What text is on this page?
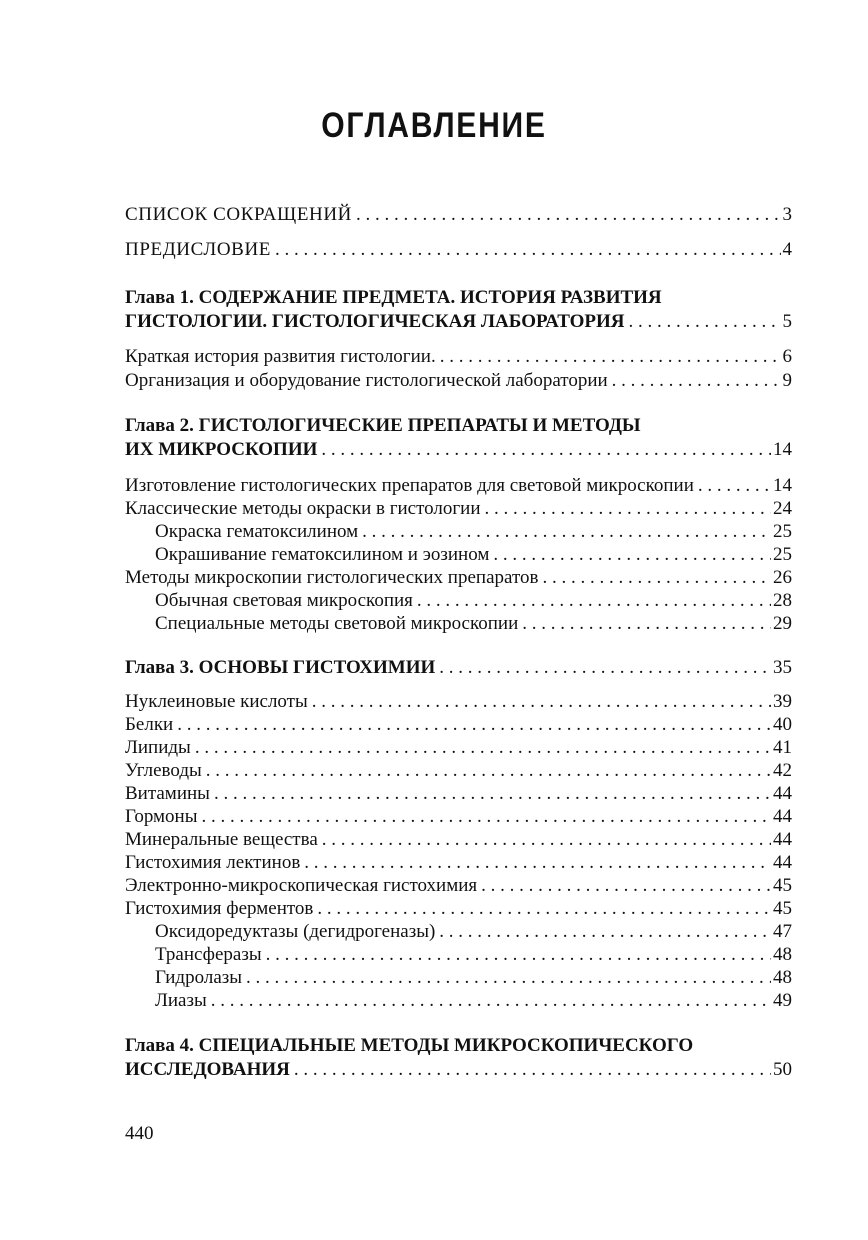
ОГЛАВЛЕНИЕ
СПИСОК СОКРАЩЕНИЙ . . .	3
ПРЕДИСЛОВИЕ . . .	4
Глава 1. СОДЕРЖАНИЕ ПРЕДМЕТА. ИСТОРИЯ РАЗВИТИЯ
ГИСТОЛОГИИ. ГИСТОЛОГИЧЕСКАЯ ЛАБОРАТОРИЯ . . .	5
Краткая история развития гистологии. . . .	6
Организация и оборудование гистологической лаборатории . . .	9
Глава 2. ГИСТОЛОГИЧЕСКИЕ ПРЕПАРАТЫ И МЕТОДЫ
ИХ МИКРОСКОПИИ . . .	14
Изготовление гистологических препаратов для световой микроскопии . . .	14
Классические методы окраски в гистологии . . .	24
Окраска гематоксилином . . .	25
Окрашивание гематоксилином и эозином . . .	25
Методы микроскопии гистологических препаратов . . .	26
Обычная световая микроскопия . . .	28
Специальные методы световой микроскопии . . .	29
Глава 3. ОСНОВЫ ГИСТОХИМИИ . . .	35
Нуклеиновые кислоты . . .	39
Белки . . .	40
Липиды . . .	41
Углеводы . . .	42
Витамины . . .	44
Гормоны . . .	44
Минеральные вещества . . .	44
Гистохимия лектинов . . .	44
Электронно-микроскопическая гистохимия . . .	45
Гистохимия ферментов . . .	45
Оксидоредуктазы (дегидрогеназы) . . .	47
Трансферазы . . .	48
Гидролазы . . .	48
Лиазы . . .	49
Глава 4. СПЕЦИАЛЬНЫЕ МЕТОДЫ МИКРОСКОПИЧЕСКОГО
ИССЛЕДОВАНИЯ . . .	50
440
